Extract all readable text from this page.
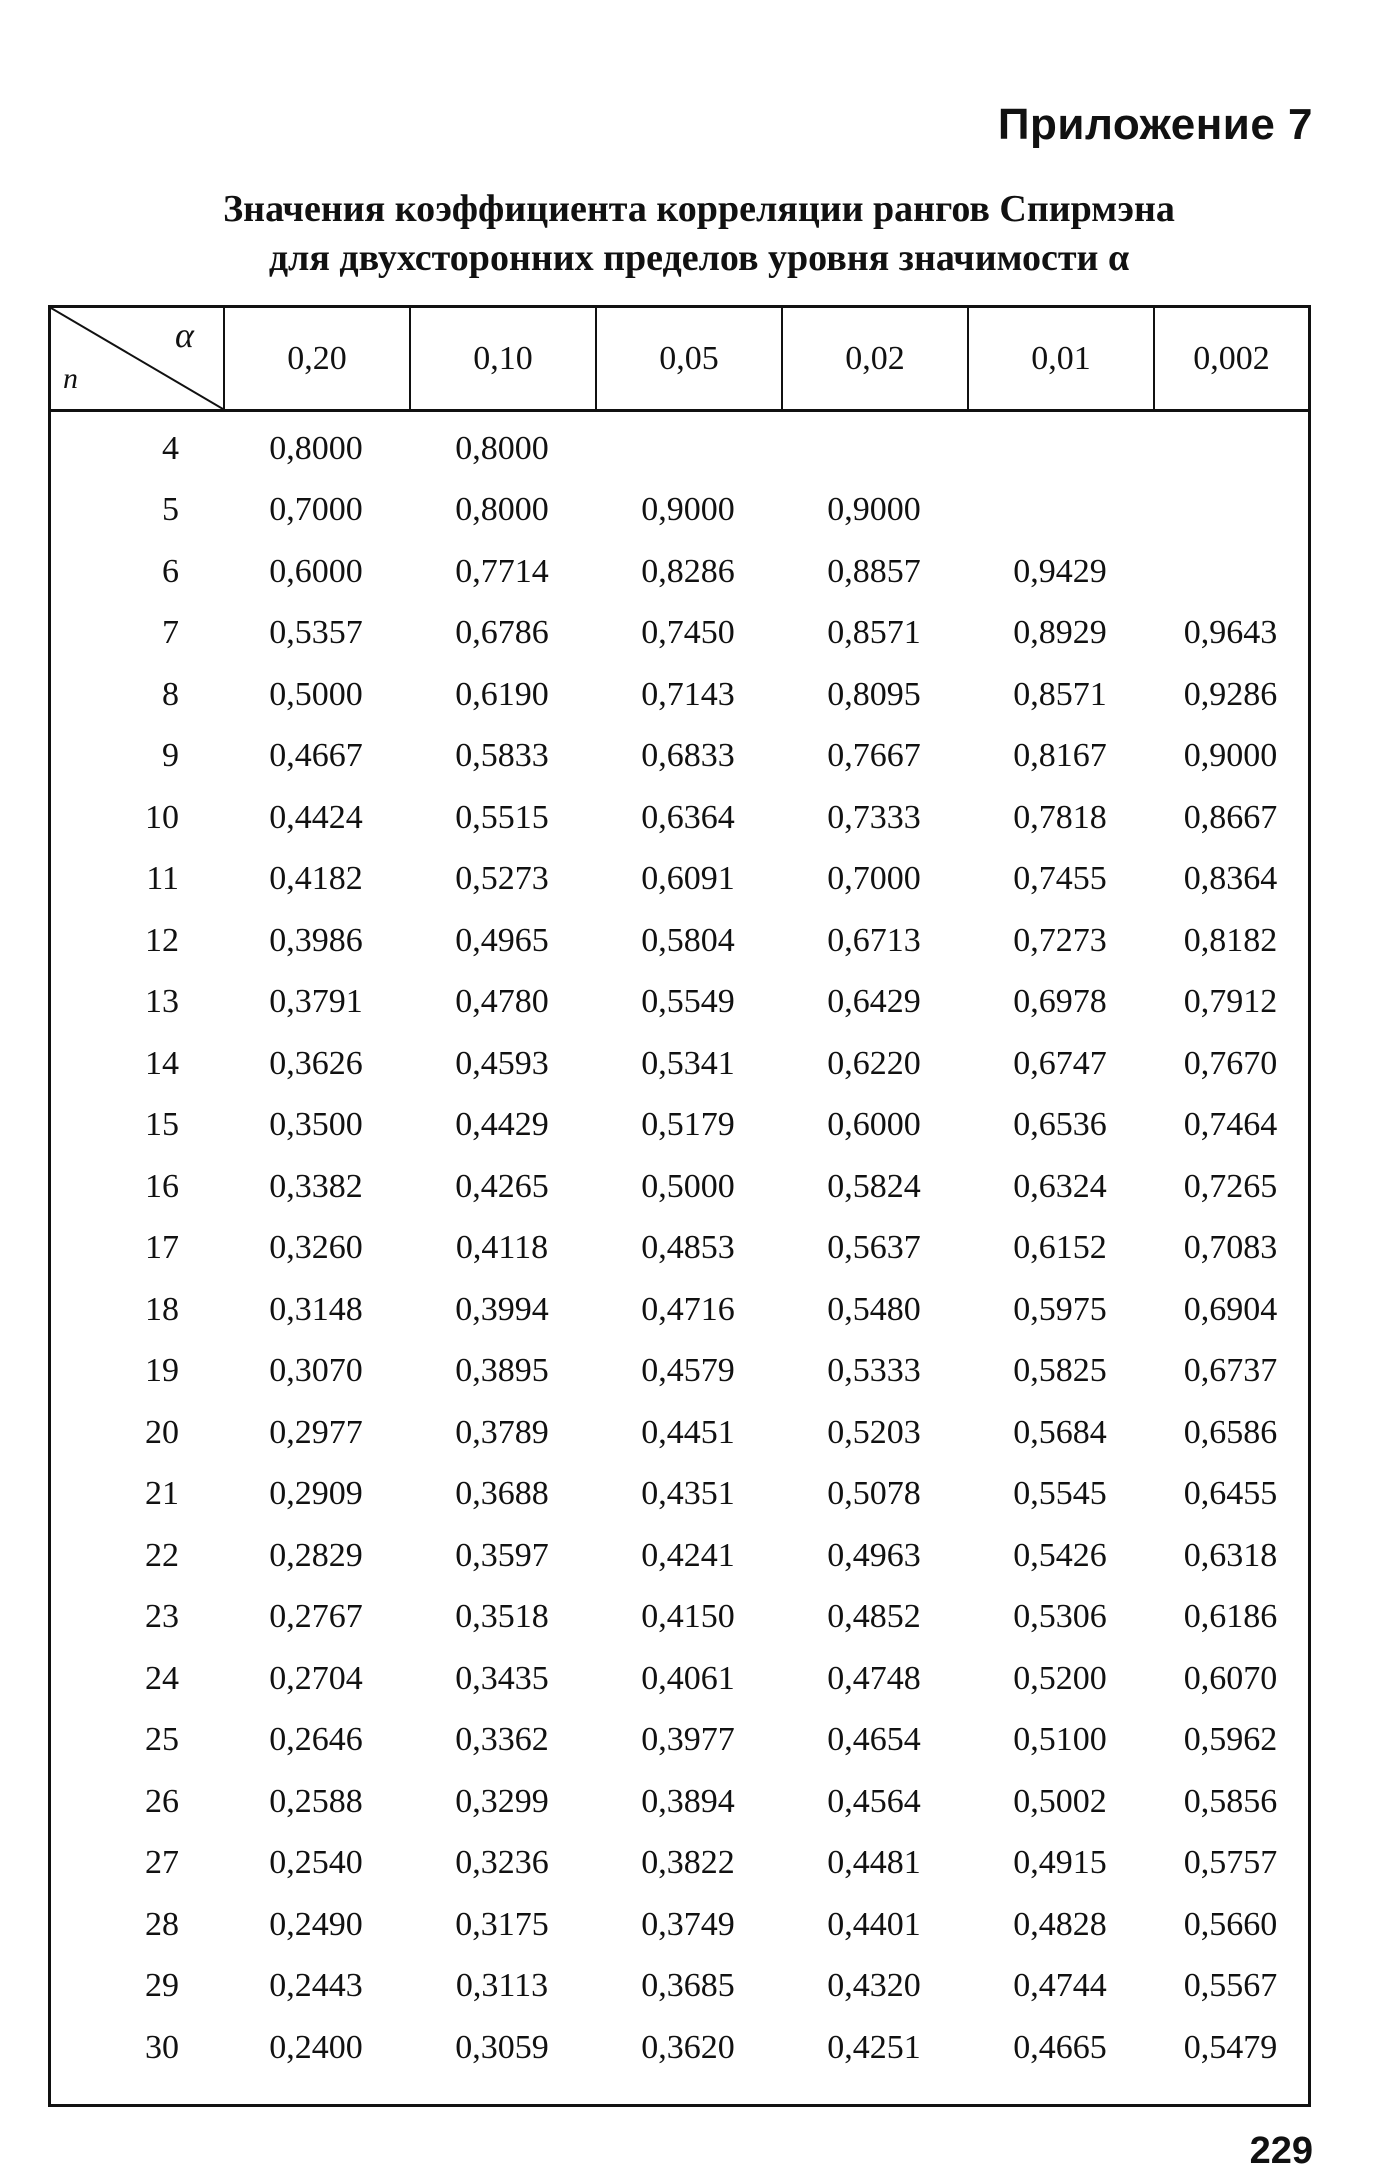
Приложение 7
Значения коэффициента корреляции рангов Спирмэна
для двухсторонних пределов уровня значимости α
α
n
0,20	0,10	0,05	0,02	0,01	0,002
4	0,8000	0,8000
5	0,7000	0,8000	0,9000	0,9000
6	0,6000	0,7714	0,8286	0,8857	0,9429
7	0,5357	0,6786	0,7450	0,8571	0,8929	0,9643
8	0,5000	0,6190	0,7143	0,8095	0,8571	0,9286
9	0,4667	0,5833	0,6833	0,7667	0,8167	0,9000
10	0,4424	0,5515	0,6364	0,7333	0,7818	0,8667
11	0,4182	0,5273	0,6091	0,7000	0,7455	0,8364
12	0,3986	0,4965	0,5804	0,6713	0,7273	0,8182
13	0,3791	0,4780	0,5549	0,6429	0,6978	0,7912
14	0,3626	0,4593	0,5341	0,6220	0,6747	0,7670
15	0,3500	0,4429	0,5179	0,6000	0,6536	0,7464
16	0,3382	0,4265	0,5000	0,5824	0,6324	0,7265
17	0,3260	0,4118	0,4853	0,5637	0,6152	0,7083
18	0,3148	0,3994	0,4716	0,5480	0,5975	0,6904
19	0,3070	0,3895	0,4579	0,5333	0,5825	0,6737
20	0,2977	0,3789	0,4451	0,5203	0,5684	0,6586
21	0,2909	0,3688	0,4351	0,5078	0,5545	0,6455
22	0,2829	0,3597	0,4241	0,4963	0,5426	0,6318
23	0,2767	0,3518	0,4150	0,4852	0,5306	0,6186
24	0,2704	0,3435	0,4061	0,4748	0,5200	0,6070
25	0,2646	0,3362	0,3977	0,4654	0,5100	0,5962
26	0,2588	0,3299	0,3894	0,4564	0,5002	0,5856
27	0,2540	0,3236	0,3822	0,4481	0,4915	0,5757
28	0,2490	0,3175	0,3749	0,4401	0,4828	0,5660
29	0,2443	0,3113	0,3685	0,4320	0,4744	0,5567
30	0,2400	0,3059	0,3620	0,4251	0,4665	0,5479
229
